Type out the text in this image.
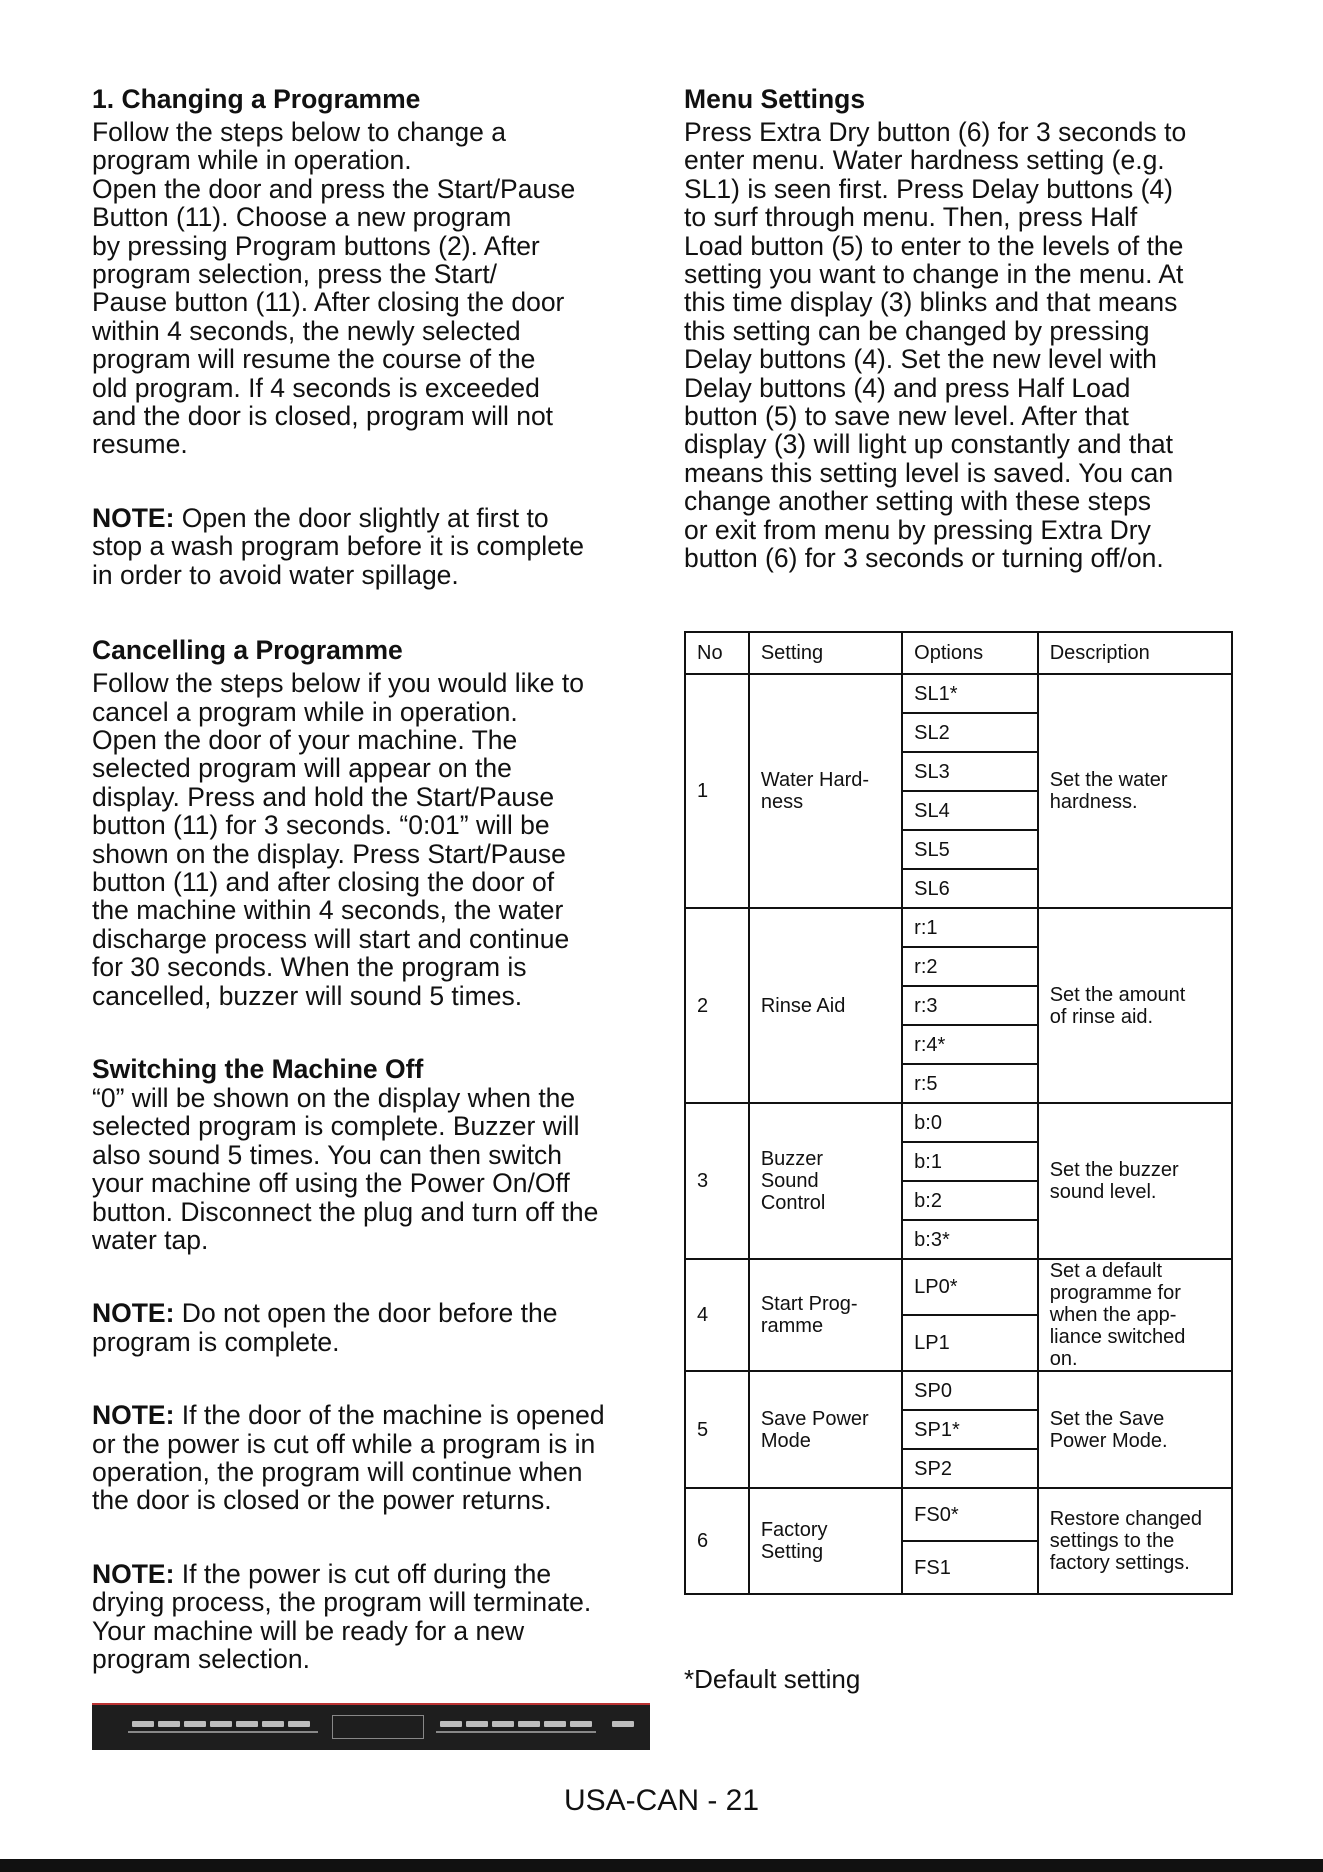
1. Changing a Programme
Follow the steps below to change a
program while in operation.
Open the door and press the Start/Pause
Button (11). Choose a new program
by pressing Program buttons (2). After
program selection, press the Start/
Pause button (11). After closing the door
within 4 seconds, the newly selected
program will resume the course of the
old program. If 4 seconds is exceeded
and the door is closed, program will not
resume.
NOTE: Open the door slightly at first to
stop a wash program before it is complete
in order to avoid water spillage.
Cancelling a Programme
Follow the steps below if you would like to
cancel a program while in operation.
Open the door of your machine. The
selected program will appear on the
display. Press and hold the Start/Pause
button (11) for 3 seconds. “0:01” will be
shown on the display. Press Start/Pause
button (11) and after closing the door of
the machine within 4 seconds, the water
discharge process will start and continue
for 30 seconds. When the program is
cancelled, buzzer will sound 5 times.
Switching the Machine Off
“0” will be shown on the display when the
selected program is complete. Buzzer will
also sound 5 times. You can then switch
your machine off using the Power On/Off
button. Disconnect the plug and turn off the
water tap.
NOTE: Do not open the door before the
program is complete.
NOTE: If the door of the machine is opened
or the power is cut off while a program is in
operation, the program will continue when
the door is closed or the power returns.
NOTE: If the power is cut off during the
drying process, the program will terminate.
Your machine will be ready for a new
program selection.
Menu Settings
Press Extra Dry button (6) for 3 seconds to
enter menu. Water hardness setting (e.g.
SL1) is seen first. Press Delay buttons (4)
to surf through menu. Then, press Half
Load button (5) to enter to the levels of the
setting you want to change in the menu. At
this time display (3) blinks and that means
this setting can be changed by pressing
Delay buttons (4). Set the new level with
Delay buttons (4) and press Half Load
button (5) to save new level. After that
display (3) will light up constantly and that
means this setting level is saved. You can
change another setting with these steps
or exit from menu by pressing Extra Dry
button (6) for 3 seconds or turning off/on.
No	Setting	Options	Description
1	Water Hard-
ness	SL1*	Set the water
hardness.
		SL2	
		SL3	
		SL4	
		SL5	
		SL6	
2	Rinse Aid	r:1	Set the amount
of rinse aid.
		r:2	
		r:3	
		r:4*	
		r:5	
3	Buzzer
Sound
Control	b:0	Set the buzzer
sound level.
		b:1	
		b:2	
		b:3*	
4	Start Prog-
ramme	LP0*	Set a default
programme for
when the app-
liance switched
on.
		LP1	
5	Save Power
Mode	SP0	Set the Save
Power Mode.
		SP1*	
		SP2	
6	Factory
Setting	FS0*	Restore changed
settings to the
factory settings.
		FS1	
*Default setting
USA-CAN - 21
